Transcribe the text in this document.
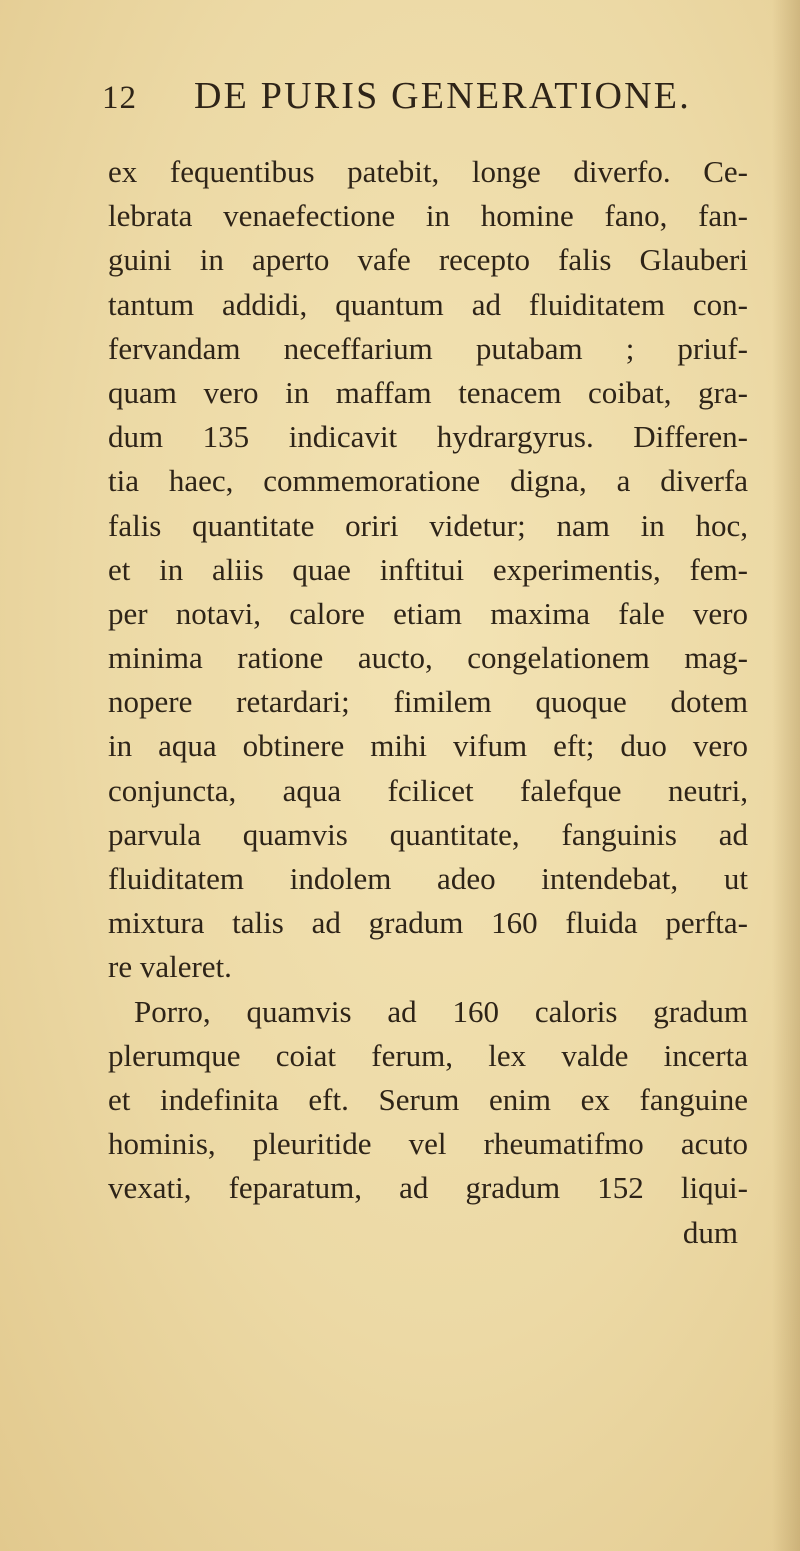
12	DE PURIS GENERATIONE.
ex fequentibus patebit, longe diverfo. Ce-
lebrata venaefectione in homine fano, fan-
guini in aperto vafe recepto falis Glauberi
tantum addidi, quantum ad fluiditatem con-
fervandam neceffarium putabam ; priuf-
quam vero in maffam tenacem coibat, gra-
dum 135 indicavit hydrargyrus. Differen-
tia haec, commemoratione digna, a diverfa
falis quantitate oriri videtur; nam in hoc,
et in aliis quae inftitui experimentis, fem-
per notavi, calore etiam maxima fale vero
minima ratione aucto, congelationem mag-
nopere retardari; fimilem quoque dotem
in aqua obtinere mihi vifum eft; duo vero
conjuncta, aqua fcilicet falefque neutri,
parvula quamvis quantitate, fanguinis ad
fluiditatem indolem adeo intendebat, ut
mixtura talis ad gradum 160 fluida perfta-
re valeret.
Porro, quamvis ad 160 caloris gradum
plerumque coiat ferum, lex valde incerta
et indefinita eft. Serum enim ex fanguine
hominis, pleuritide vel rheumatifmo acuto
vexati, feparatum, ad gradum 152 liqui-
dum
